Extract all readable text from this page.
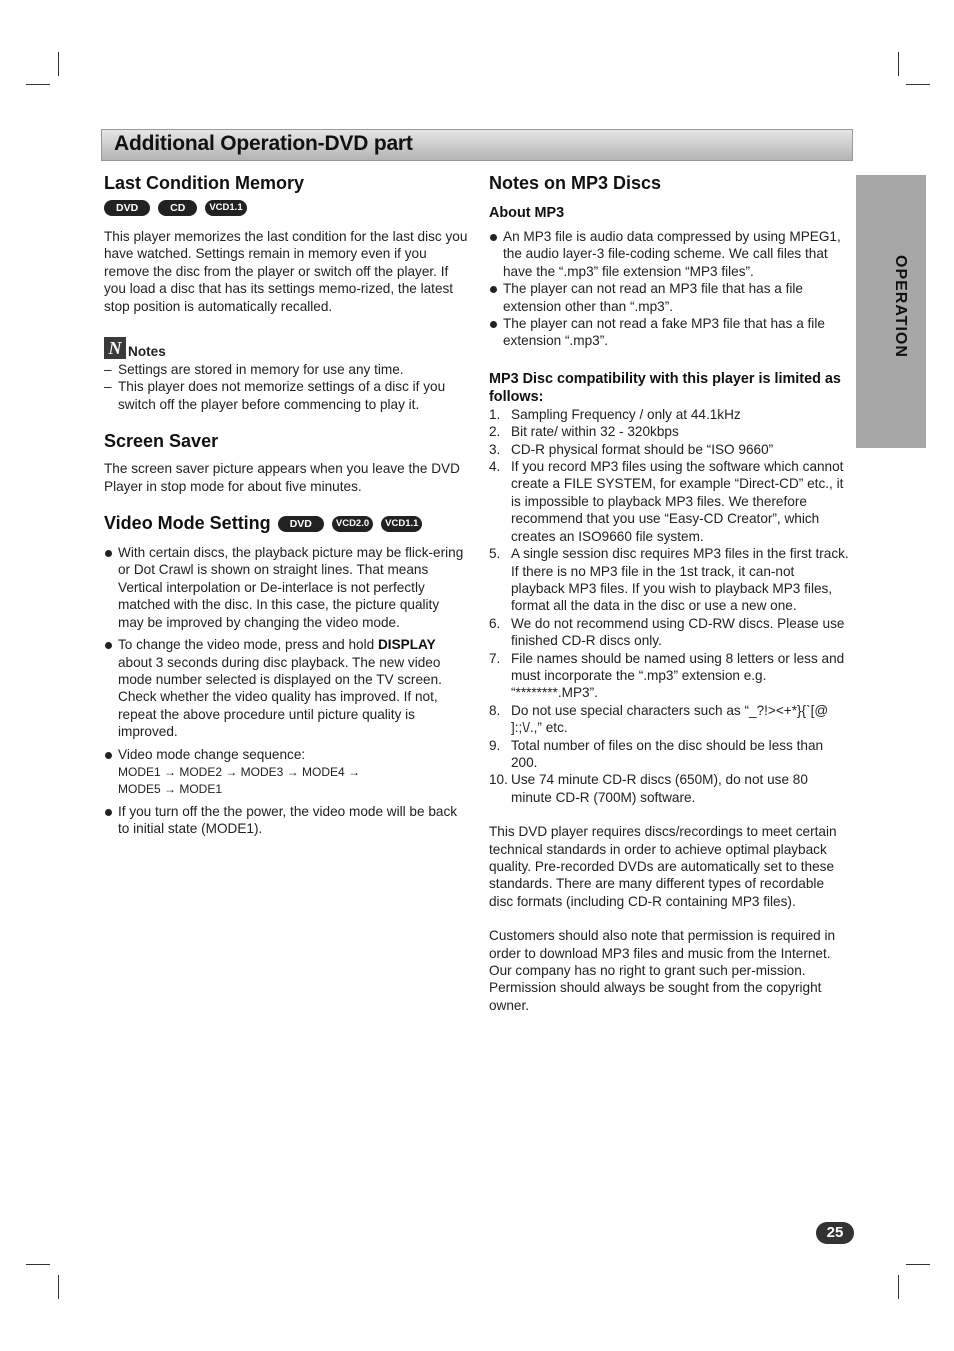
Additional Operation-DVD part
OPERATION
Last Condition Memory
DVD	CD	VCD1.1

This player memorizes the last condition for the last disc you have watched. Settings remain in memory even if you remove the disc from the player or switch off the player. If you load a disc that has its settings memo-rized, the latest stop position is automatically recalled.

N Notes
– Settings are stored in memory for use any time.
– This player does not memorize settings of a disc if you switch off the player before commencing to play it.
Screen Saver

The screen saver picture appears when you leave the DVD Player in stop mode for about five minutes.

Video Mode Setting	DVD	VCD2.0	VCD1.1
With certain discs, the playback picture may be flick-ering or Dot Crawl is shown on straight lines. That means Vertical interpolation or De-interlace is not perfectly matched with the disc. In this case, the picture quality may be improved by changing the video mode.
To change the video mode, press and hold DISPLAY about 3 seconds during disc playback. The new video mode number selected is displayed on the TV screen. Check whether the video quality has improved. If not, repeat the above procedure until picture quality is improved.
Video mode change sequence:
MODE1 → MODE2 → MODE3 → MODE4 →
MODE5 → MODE1
If you turn off the the power, the video mode will be back to initial state (MODE1).
Notes on MP3 Discs
About MP3
An MP3 file is audio data compressed by using MPEG1, the audio layer-3 file-coding scheme. We call files that have the “.mp3” file extension “MP3 files”.
The player can not read an MP3 file that has a file extension other than “.mp3”.
The player can not read a fake MP3 file that has a file extension “.mp3”.
MP3 Disc compatibility with this player is limited as follows:
1. Sampling Frequency / only at 44.1kHz
2. Bit rate/ within 32 - 320kbps
3. CD-R physical format should be “ISO 9660”
4. If you record MP3 files using the software which cannot create a FILE SYSTEM, for example “Direct-CD” etc., it is impossible to playback MP3 files. We therefore recommend that you use “Easy-CD Creator”, which creates an ISO9660 file system.
5. A single session disc requires MP3 files in the first track. If there is no MP3 file in the 1st track, it can-not playback MP3 files. If you wish to playback MP3 files, format all the data in the disc or use a new one.
6. We do not recommend using CD-RW discs. Please use finished CD-R discs only.
7. File names should be named using 8 letters or less and must incorporate the “.mp3” extension e.g. “********.MP3”.
8. Do not use special characters such as “_?!><+*}{`[@ ]:;\/.,” etc.
9. Total number of files on the disc should be less than 200.
10. Use 74 minute CD-R discs (650M), do not use 80 minute CD-R (700M) software.

This DVD player requires discs/recordings to meet certain technical standards in order to achieve optimal playback quality. Pre-recorded DVDs are automatically set to these standards. There are many different types of recordable disc formats (including CD-R containing MP3 files).

Customers should also note that permission is required in order to download MP3 files and music from the Internet. Our company has no right to grant such per-mission. Permission should always be sought from the copyright owner.

25
